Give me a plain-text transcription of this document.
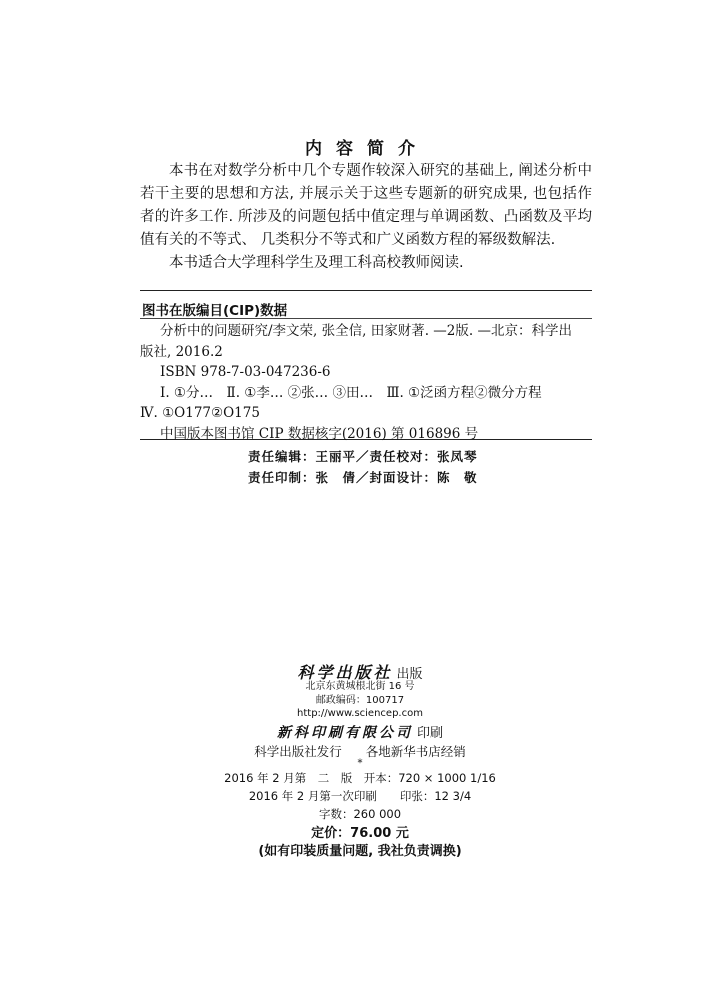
内容简介

本书在对数学分析中几个专题作较深入研究的基础上, 阐述分析中若干主要的思想和方法, 并展示关于这些专题新的研究成果, 也包括作者的许多工作. 所涉及的问题包括中值定理与单调函数、凸函数及平均值有关的不等式、 几类积分不等式和广义函数方程的幂级数解法.

本书适合大学理科学生及理工科高校教师阅读.

图书在版编目(CIP)数据
分析中的问题研究/李文荣, 张全信, 田家财著. —2版. —北京：科学出
版社, 2016.2
ISBN 978-7-03-047236-6
Ⅰ. ①分…　Ⅱ. ①李… ②张… ③田…　Ⅲ. ①泛函方程②微分方程
Ⅳ. ①O177②O175
中国版本图书馆 CIP 数据核字(2016) 第 016896 号
责任编辑：王丽平／责任校对：张凤琴
责任印制：张　倩／封面设计：陈　敬
科学出版社 出版
北京东黄城根北街 16 号
邮政编码：100717
http://www.sciencep.com
新科印刷有限公司 印刷
科学出版社发行 各地新华书店经销
*
2016 年 2 月第　二　版　开本：720 × 1000 1/16
2016 年 2 月第一次印刷　　印张：12 3/4
字数：260 000
定价：76.00 元
(如有印装质量问题, 我社负责调换)
